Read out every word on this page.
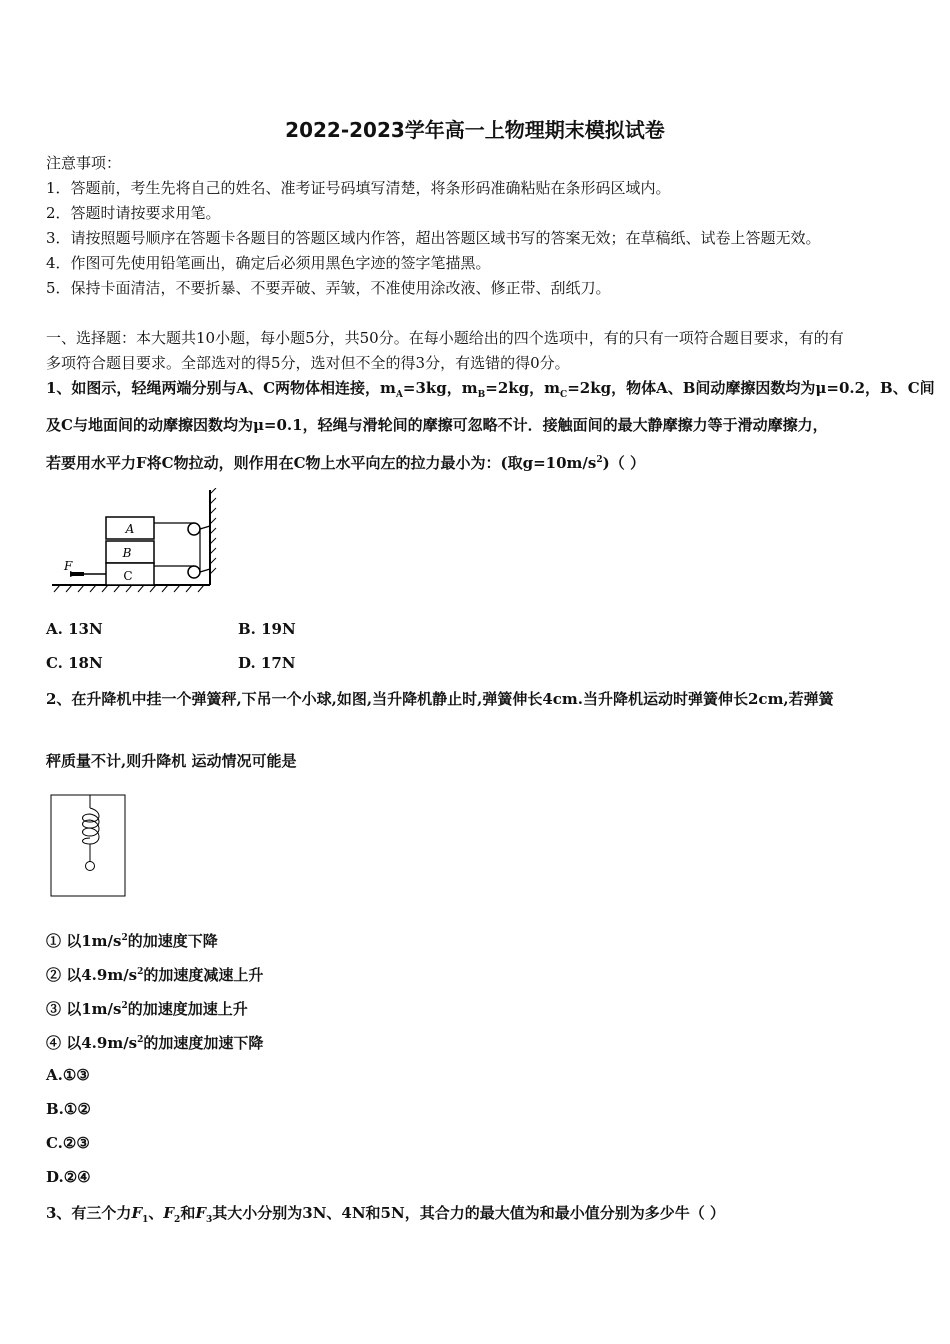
2022-2023学年高一上物理期末模拟试卷
注意事项：
1．答题前，考生先将自己的姓名、准考证号码填写清楚，将条形码准确粘贴在条形码区域内。
2．答题时请按要求用笔。
3．请按照题号顺序在答题卡各题目的答题区域内作答，超出答题区域书写的答案无效；在草稿纸、试卷上答题无效。
4．作图可先使用铅笔画出，确定后必须用黑色字迹的签字笔描黑。
5．保持卡面清洁，不要折暴、不要弄破、弄皱，不准使用涂改液、修正带、刮纸刀。
一、选择题：本大题共10小题，每小题5分，共50分。在每小题给出的四个选项中，有的只有一项符合题目要求，有的有
多项符合题目要求。全部选对的得5分，选对但不全的得3分，有选错的得0分。
1、如图示，轻绳两端分别与A、C两物体相连接，$m_A=3kg$，$m_B=2kg$，$m_C=2kg$，物体A、B间动摩擦因数均为μ=0.2，B、C间
及C与地面间的动摩擦因数均为μ=0.1，轻绳与滑轮间的摩擦可忽略不计．接触面间的最大静摩擦力等于滑动摩擦力，
若要用水平力F将C物拉动，则作用在C物上水平向左的拉力最小为：(取$g=10m/s^2$)（ ）
A
B
C
F
A. 13N	B. 19N
C. 18N	D. 17N
2、在升降机中挂一个弹簧秤,下吊一个小球,如图,当升降机静止时,弹簧伸长4cm.当升降机运动时弹簧伸长2cm,若弹簧
秤质量不计,则升降机 运动情况可能是
① 以$1m/s^2$的加速度下降
② 以$4.9m/s^2$的加速度减速上升
③ 以$1m/s^2$的加速度加速上升
④ 以$4.9m/s^2$的加速度加速下降
A.①③
B.①②
C.②③
D.②④
3、有三个力$F_1$、$F_2$和$F_3$其大小分别为3N、4N和5N，其合力的最大值为和最小值分别为多少牛（ ）
